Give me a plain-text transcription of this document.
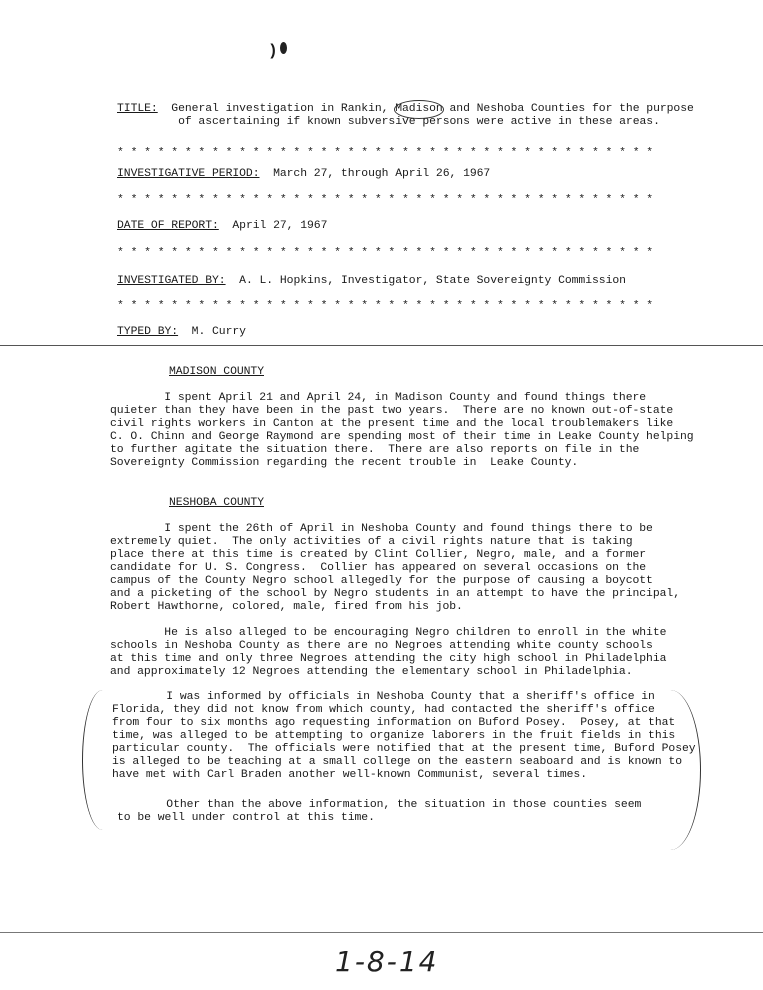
)
TITLE: General investigation in Rankin, Madison and Neshoba Counties for the purpose
of ascertaining if known subversive persons were active in these areas.
* * * * * * * * * * * * * * * * * * * * * * * * * * * * * * * * * * * * * * * *
INVESTIGATIVE PERIOD: March 27, through April 26, 1967
* * * * * * * * * * * * * * * * * * * * * * * * * * * * * * * * * * * * * * * *
DATE OF REPORT: April 27, 1967
* * * * * * * * * * * * * * * * * * * * * * * * * * * * * * * * * * * * * * * *
INVESTIGATED BY: A. L. Hopkins, Investigator, State Sovereignty Commission
* * * * * * * * * * * * * * * * * * * * * * * * * * * * * * * * * * * * * * * *
TYPED BY: M. Curry
MADISON COUNTY
NESHOBA COUNTY
I spent April 21 and April 24, in Madison County and found things there
quieter than they have been in the past two years.  There are no known out-of-state
civil rights workers in Canton at the present time and the local troublemakers like
C. O. Chinn and George Raymond are spending most of their time in Leake County helping
to further agitate the situation there.  There are also reports on file in the
Sovereignty Commission regarding the recent trouble in  Leake County.
I spent the 26th of April in Neshoba County and found things there to be
extremely quiet.  The only activities of a civil rights nature that is taking
place there at this time is created by Clint Collier, Negro, male, and a former
candidate for U. S. Congress.  Collier has appeared on several occasions on the
campus of the County Negro school allegedly for the purpose of causing a boycott
and a picketing of the school by Negro students in an attempt to have the principal,
Robert Hawthorne, colored, male, fired from his job.
He is also alleged to be encouraging Negro children to enroll in the white
schools in Neshoba County as there are no Negroes attending white county schools
at this time and only three Negroes attending the city high school in Philadelphia
and approximately 12 Negroes attending the elementary school in Philadelphia.
I was informed by officials in Neshoba County that a sheriff's office in
Florida, they did not know from which county, had contacted the sheriff's office
from four to six months ago requesting information on Buford Posey.  Posey, at that
time, was alleged to be attempting to organize laborers in the fruit fields in this
particular county.  The officials were notified that at the present time, Buford Posey
is alleged to be teaching at a small college on the eastern seaboard and is known to
have met with Carl Braden another well-known Communist, several times.
Other than the above information, the situation in those counties seem
to be well under control at this time.
1-8-14
